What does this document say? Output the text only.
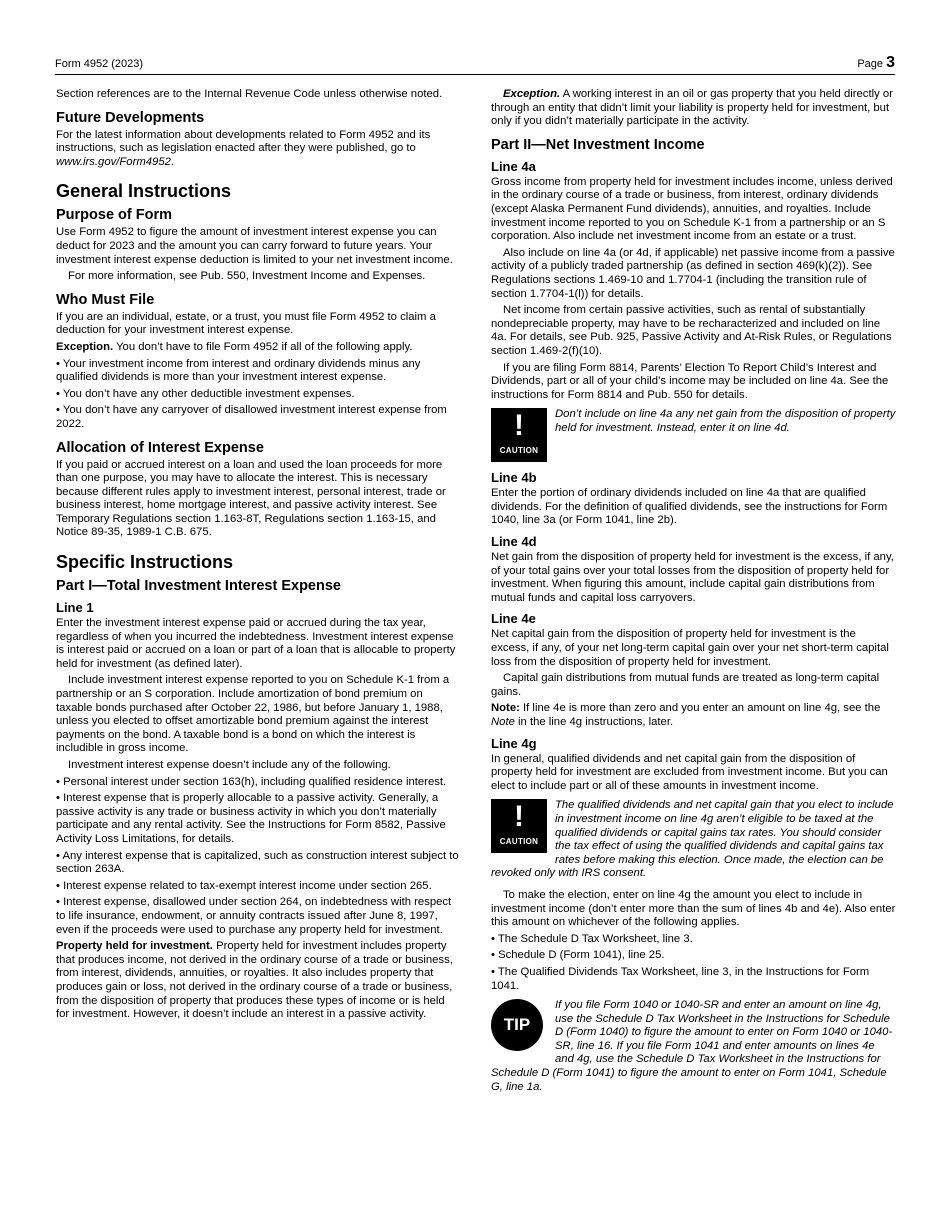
Form 4952 (2023)	Page 3

Section references are to the Internal Revenue Code unless otherwise noted.

Future Developments

For the latest information about developments related to Form 4952 and its instructions, such as legislation enacted after they were published, go to www.irs.gov/Form4952.

General Instructions
Purpose of Form

Use Form 4952 to figure the amount of investment interest expense you can deduct for 2023 and the amount you can carry forward to future years. Your investment interest expense deduction is limited to your net investment income.

For more information, see Pub. 550, Investment Income and Expenses.

Who Must File

If you are an individual, estate, or a trust, you must file Form 4952 to claim a deduction for your investment interest expense.

Exception. You don’t have to file Form 4952 if all of the following apply.

• Your investment income from interest and ordinary dividends minus any qualified dividends is more than your investment interest expense.

• You don’t have any other deductible investment expenses.

• You don’t have any carryover of disallowed investment interest expense from 2022.

Allocation of Interest Expense

If you paid or accrued interest on a loan and used the loan proceeds for more than one purpose, you may have to allocate the interest. This is necessary because different rules apply to investment interest, personal interest, trade or business interest, home mortgage interest, and passive activity interest. See Temporary Regulations section 1.163-8T, Regulations section 1.163-15, and Notice 89-35, 1989-1 C.B. 675.

Specific Instructions
Part I—Total Investment Interest Expense
Line 1

Enter the investment interest expense paid or accrued during the tax year, regardless of when you incurred the indebtedness. Investment interest expense is interest paid or accrued on a loan or part of a loan that is allocable to property held for investment (as defined later).

Include investment interest expense reported to you on Schedule K-1 from a partnership or an S corporation. Include amortization of bond premium on taxable bonds purchased after October 22, 1986, but before January 1, 1988, unless you elected to offset amortizable bond premium against the interest payments on the bond. A taxable bond is a bond on which the interest is includible in gross income.

Investment interest expense doesn’t include any of the following.

• Personal interest under section 163(h), including qualified residence interest.

• Interest expense that is properly allocable to a passive activity. Generally, a passive activity is any trade or business activity in which you don’t materially participate and any rental activity. See the Instructions for Form 8582, Passive Activity Loss Limitations, for details.

• Any interest expense that is capitalized, such as construction interest subject to section 263A.

• Interest expense related to tax-exempt interest income under section 265.

• Interest expense, disallowed under section 264, on indebtedness with respect to life insurance, endowment, or annuity contracts issued after June 8, 1997, even if the proceeds were used to purchase any property held for investment.

Property held for investment. Property held for investment includes property that produces income, not derived in the ordinary course of a trade or business, from interest, dividends, annuities, or royalties. It also includes property that produces gain or loss, not derived in the ordinary course of a trade or business, from the disposition of property that produces these types of income or is held for investment. However, it doesn’t include an interest in a passive activity.

Exception. A working interest in an oil or gas property that you held directly or through an entity that didn’t limit your liability is property held for investment, but only if you didn’t materially participate in the activity.

Part II—Net Investment Income
Line 4a

Gross income from property held for investment includes income, unless derived in the ordinary course of a trade or business, from interest, ordinary dividends (except Alaska Permanent Fund dividends), annuities, and royalties. Include investment income reported to you on Schedule K-1 from a partnership or an S corporation. Also include net investment income from an estate or a trust.

Also include on line 4a (or 4d, if applicable) net passive income from a passive activity of a publicly traded partnership (as defined in section 469(k)(2)). See Regulations sections 1.469-10 and 1.7704-1 (including the transition rule of section 1.7704-1(l)) for details.

Net income from certain passive activities, such as rental of substantially nondepreciable property, may have to be recharacterized and included on line 4a. For details, see Pub. 925, Passive Activity and At-Risk Rules, or Regulations section 1.469-2(f)(10).

If you are filing Form 8814, Parents’ Election To Report Child’s Interest and Dividends, part or all of your child’s income may be included on line 4a. See the instructions for Form 8814 and Pub. 550 for details.

!
CAUTION
Don’t include on line 4a any net gain from the disposition of property held for investment. Instead, enter it on line 4d.
Line 4b

Enter the portion of ordinary dividends included on line 4a that are qualified dividends. For the definition of qualified dividends, see the instructions for Form 1040, line 3a (or Form 1041, line 2b).

Line 4d

Net gain from the disposition of property held for investment is the excess, if any, of your total gains over your total losses from the disposition of property held for investment. When figuring this amount, include capital gain distributions from mutual funds and capital loss carryovers.

Line 4e

Net capital gain from the disposition of property held for investment is the excess, if any, of your net long-term capital gain over your net short-term capital loss from the disposition of property held for investment.

Capital gain distributions from mutual funds are treated as long-term capital gains.

Note: If line 4e is more than zero and you enter an amount on line 4g, see the Note in the line 4g instructions, later.

Line 4g

In general, qualified dividends and net capital gain from the disposition of property held for investment are excluded from investment income. But you can elect to include part or all of these amounts in investment income.

!
CAUTION
The qualified dividends and net capital gain that you elect to include in investment income on line 4g aren’t eligible to be taxed at the qualified dividends or capital gains tax rates. You should consider the tax effect of using the qualified dividends and capital gains tax rates before making this election. Once made, the election can be revoked only with IRS consent.

To make the election, enter on line 4g the amount you elect to include in investment income (don’t enter more than the sum of lines 4b and 4e). Also enter this amount on whichever of the following applies.

• The Schedule D Tax Worksheet, line 3.

• Schedule D (Form 1041), line 25.

• The Qualified Dividends Tax Worksheet, line 3, in the Instructions for Form 1041.

TIP
If you file Form 1040 or 1040-SR and enter an amount on line 4g, use the Schedule D Tax Worksheet in the Instructions for Schedule D (Form 1040) to figure the amount to enter on Form 1040 or 1040-SR, line 16. If you file Form 1041 and enter amounts on lines 4e and 4g, use the Schedule D Tax Worksheet in the Instructions for Schedule D (Form 1041) to figure the amount to enter on Form 1041, Schedule G, line 1a.
